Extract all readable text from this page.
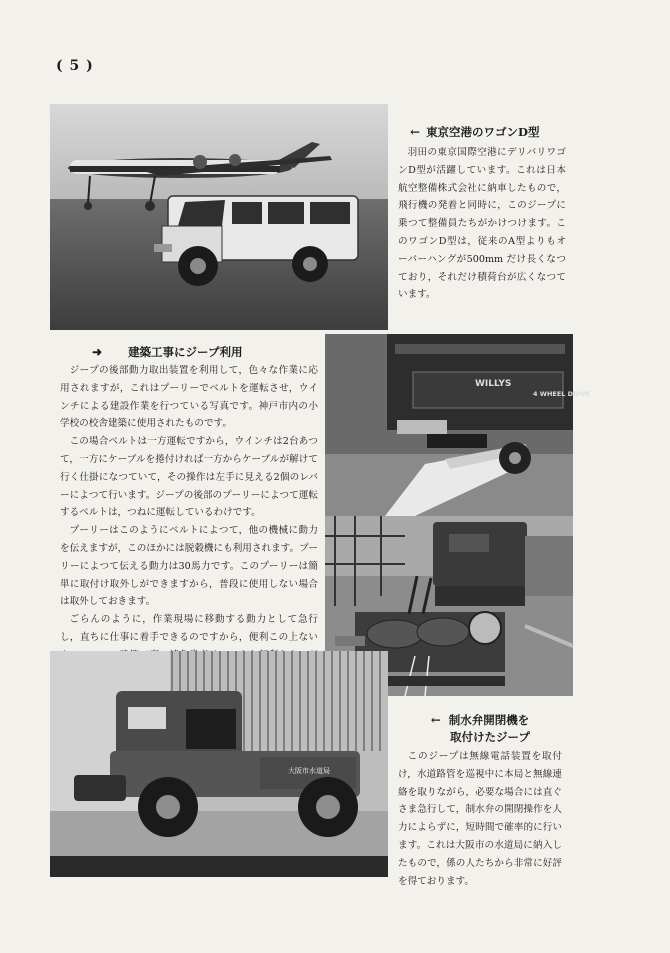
( 5 )
← 東京空港のワゴンD型

羽田の東京国際空港にデリバリワゴンD型が活躍しています。これは日本航空整備株式会社に納車したもので，飛行機の発着と同時に，このジープに乗つて整備員たちがかけつけます。このワゴンD型は，従来のA型よりもオーバーハングが500mm だけ長くなつており，それだけ積荷台が広くなつています。

➜ 建築工事にジープ利用

ジープの後部動力取出装置を利用して，色々な作業に応用されますが，これはプーリーでベルトを運転させ，ウインチによる建設作業を行つている写真です。神戸市内の小学校の校舎建築に使用されたものです。

この場合ベルトは一方運転ですから，ウインチは2台あつて，一方にケーブルを捲付ければ一方からケーブルが解けて行く仕掛になつていて，その操作は左手に見える2個のレバーによつて行います。ジープの後部のプーリーによつて運転するベルトは，つねに運転しているわけです。

プーリーはこのようにベルトによつて，他の機械に動力を伝えますが，このほかには脱穀機にも利用されます。プーリーによつて伝える動力は30馬力です。このプーリーは簡単に取付け取外しができますから，普段に使用しない場合は取外しておきます。

ごらんのように，作業現場に移動する動力として急行し，直ちに仕事に着手できるのですから，便利この上ない

WILLYS
4 WHEEL DRIVE
大阪市水道局
← 制水弁開閉機を
取付けたジープ

このジープは無線電話装置を取付け，水道路管を巡視中に本局と無線連絡を取りながら，必要な場合には直ぐさま急行して，制水弁の開閉操作を人力によらずに，短時間で確率的に行います。これは大阪市の水道局に納入したもので，係の人たちから非常に好評を得ております。
